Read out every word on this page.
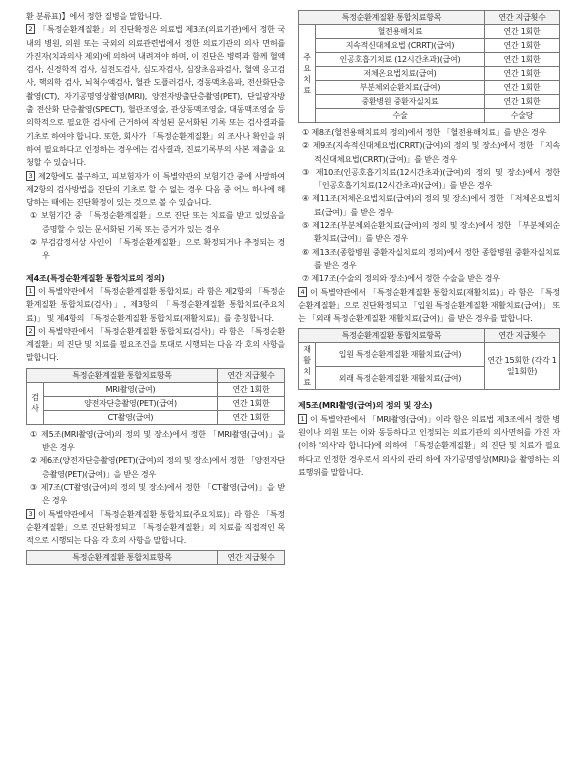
환 분류표)】에서 정한 질병을 말합니다.

2 「특정순환계질환」의 진단확정은 의료법 제3조(의료기관)에서 정한 국내의 병원, 의원 또는 국외의 의료관련법에서 정한 의료기관의 의사 면허를 가진자(치과의사 제외)에 의하여 내려져야 하며, 이 진단은 병력과 함께 혈액검사, 신경학적 검사, 심전도검사, 심도자검사, 심장초음파검사, 혈액 응고검사, 핵의학 검사, 뇌척수액검사, 혈관 도플러검사, 경동맥초음파, 전산화단층촬영(CT), 자기공명영상촬영(MRI), 양전자방출단층촬영(PET), 단일광자방출 전산화 단층촬영(SPECT), 혈관조영술, 관상동맥조영술, 대동맥조영술 등 의학적으로 필요한 검사에 근거하여 작성된 문서화된 기록 또는 검사결과를 기초로 하여야 합니다. 또한, 회사가 「특정순환계질환」의 조사나 확인을 위하여 필요하다고 인정하는 경우에는 검사결과, 진료기록부의 사본 제출을 요청할 수 있습니다.

3 제2항에도 불구하고, 피보험자가 이 특별약관의 보험기간 중에 사망하여 제2항의 검사방법을 진단의 기초로 할 수 없는 경우 다음 중 어느 하나에 해당하는 때에는 진단확정이 있는 것으로 볼 수 있습니다.

① 보험기간 중 「특정순환계질환」으로 진단 또는 치료를 받고 있었음을 증명할 수 있는 문서화된 기록 또는 증거가 있는 경우

② 부검감정서상 사인이 「특정순환계질환」으로 확정되거나 추정되는 경우

제4조(특정순환계질환 통합치료의 정의)

1 이 특별약관에서 「특정순환계질환 통합치료」라 함은 제2항의 「특정순환계질환 통합치료(검사)」, 제3항의 「특정순환계질환 통합치료(주요치료)」 및 제4항의 「특정순환계질환 통합치료(재활치료)」를 총칭합니다.

2 이 특별약관에서 「특정순환계질환 통합치료(검사)」라 함은 「특정순환계질환」의 진단 및 치료를 필요조건을 토대로 시행되는 다음 각 호의 사항을 말합니다.

특정순환계질환 통합치료항목		연간 지급횟수
검사	MRI촬영(급여)	연간 1회한
	양전자단층촬영(PET)(급여)	연간 1회한
	CT촬영(급여)	연간 1회한

① 제5조(MRI촬영(급여)의 정의 및 장소)에서 정한 「MRI촬영(급여)」을 받은 경우

② 제6조(양전자단층촬영(PET)(급여)의 정의 및 장소)에서 정한 「양전자단층촬영(PET)(급여)」을 받은 경우

③ 제7조(CT촬영(급여)의 정의 및 장소)에서 정한 「CT촬영(급여)」을 받은 경우

3 이 특별약관에서 「특정순환계질환 통합치료(주요치료)」라 함은 「특정순환계질환」으로 진단확정되고 「특정순환계질환」의 치료를 직접적인 목적으로 시행되는 다음 각 호의 사항을 말합니다.

특정순환계질환 통합치료항목	연간 지급횟수
특정순환계질환 통합치료항목		연간 지급횟수
주요치료	혈전용해치료	연간 1회한
	지속적신대체요법 (CRRT)(급여)	연간 1회한
	인공호흡기치료 (12시간초과)(급여)	연간 1회한
	저체온요법치료(급여)	연간 1회한
	부분체외순환치료(급여)	연간 1회한
	중환병원 중환자실치료	연간 1회한
	수술	수술당

① 제8조(혈전용해치료의 정의)에서 정한 「혈전용해치료」를 받은 경우

② 제9조(지속적신대체요법(CRRT)(급여)의 정의 및 장소)에서 정한 「지속적신대체요법(CRRT)(급여)」를 받은 경우

③ 제10조(인공호흡기치료(12시간초과)(급여)의 정의 및 장소)에서 정한 「인공호흡기치료(12시간초과)(급여)」를 받은 경우

④ 제11조(저체온요법치료(급여)의 정의 및 장소)에서 정한 「저체온요법치료(급여)」를 받은 경우

⑤ 제12조(부분체외순환치료(급여)의 정의 및 장소)에서 정한 「부분체외순환치료(급여)」를 받은 경우

⑥ 제13조(종합병원 중환자실치료의 정의)에서 정한 종합병원 중환자실치료를 받은 경우

⑦ 제17조(수술의 정의와 장소)에서 정한 수술을 받은 경우

4 이 특별약관에서 「특정순환계질환 통합치료(재활치료)」라 함은 「특정순환계질환」으로 진단확정되고 「입원 특정순환계질환 재활치료(급여)」 또는 「외래 특정순환계질환 재활치료(급여)」를 받은 경우를 말합니다.

특정순환계질환 통합치료항목		연간 지급횟수
재활치료	입원 특정순환계질환 재활치료(급여)	연간 15회한 (각각 1일1회한)
	외래 특정순환계질환 재활치료(급여)	

제5조(MRI촬영(급여)의 정의 및 장소)

1 이 특별약관에서 「MRI촬영(급여)」이라 함은 의료법 제3조에서 정한 병원이나 의원 또는 이와 동등하다고 인정되는 의료기관의 의사면허를 가진 자(이하 '의사'라 합니다)에 의하여 「특정순환계질환」의 진단 및 치료가 필요하다고 인정한 경우로서 의사의 관리 하에 자기공명영상(MRI)을 촬영하는 의료행위를 말합니다.
